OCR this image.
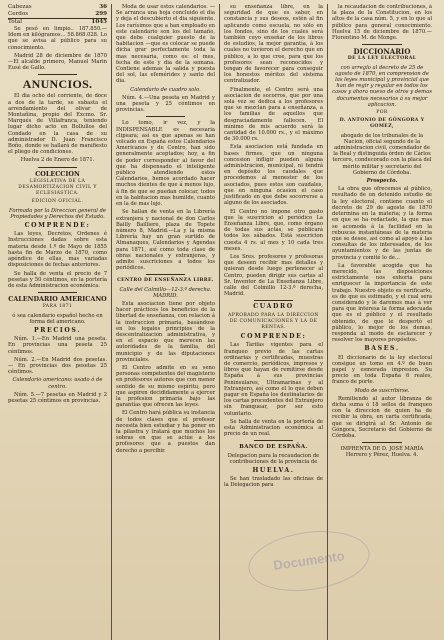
Cabezas	36
Cerdos	299
Total	1045

Se pesó en limpio.. 187.850.— Idem en kilógramos... 58.868.028. Lo que se avisa al público para su conocimiento.

Madrid 28 de diciembre de 1870 —El alcalde primero, Manuel Marin Eusé de Gallo.

ANUNCIOS.

El dia ocho del corriente, de doce a dos de la tarde, se subasta el arrendamiento del olivar de Montañina, propio del Excmo. Sr. Marqués de Villafranca, teniendo lugar dicho acto en Bollullos del Condado en la casa de su administrador D. Juan Francisco Boño, donde se hallará de manifiesto el pliego de condiciones.

Huelva 2 de Enero de 1871.

COLECCION
LEGISLATIVA DE LA DESAMORTIZACION CIVIL Y ECLESIÁSTICA.
EDICION OFICIAL.

Formada por la Direccion general de Propiedades y Derechos del Estado.

COMPRENDE:

Las leyes, Decretos, Ordenes é Instrucciones dadas sobre esta materia desde 1.º de Mayo de 1855 hasta fin de Marzo de 1870, como apéndice de ellas, mas variadas disposiciones de fechas anteriores.

Se halla de venta el precio de 7 pesetas y 50 céntimos, en la portería de esta Administracion económica.

CALENDARIO AMERICANO
PARA 1871

ó sea calendario español hecho en forma del americano.

PRECIOS.

Núm. 1.—En Madrid una peseta. En provincias una peseta 25 céntimos.

Núm. 2.—En Madrid dos pesetas.— En provincias dos pesetas 25 céntimos.

Calendario americano: usado ó de centro.

Núm. 5.—7 pesetas en Madrid y 2 pesetas 25 céntimos en provincias.

Moda de usar estos calendarios. — Se arranca una hoja concluido el dia y deja el descubierto el dia siguiente. Los rarísimos que a han empleado en este calendario son los del tamaño, que debe cualquier puesto de la habitacion —que es colocar se puede dicha grar perfectamente toda la mas necesaria, como es: el mes, fecha de este y dia de la semana. Contiene ademas la salida y puesta del sol, las efemérides y santo del dia.

Calendario de cuadro solo.

Núm. 4.—Una peseta en Madrid y una peseta y 25 céntimos en provincias.

Lo tomo, ir vez, y la INDISPENSABLE es necesaria clipsara; así es que apenas se han volcado en España estos Calendarios Americanos y de Centro, han sido generalmente aceptados; hoy, a fin de poder corresponder al favor del que ha dispensado el inteligente público atendiendo estos Calendarios, hemos acordado hacer muchos dientes de que á menos lujo, á fin de que se puedan colocar, todos en la habitacion mas humilde, cuanto en la de mas lujo.

Se hallan de venta en la Librería extranjera y nacional de don Carlos Bailly Bailliere, plaza de Topete número 8, Madrid.—La y la misma Librería hay un gran surtido de Almanaques, Calendarios y Agendas para 1871, así como toda clase de obras nacionales y extranjeras, y admite suscriciones a todos los periódicos.

CENTRO DE ENSEÑANZA LIBRE.

Calle del Colmillo—12-3.º derecha. MADRID.

Esta asociacion tiene por objeto hacer prácticos los beneficios de la libertad de enseñanza, con relacion á la instruccion primaria, basándose en los legales principios de la descentralizacion administrativa, y en el espacio que merecen las autoridades de la familia, del municipio y de las diputaciones provinciales.

El Centro admite en su seno personas competentes del magisterio en profesores autores que con menor sentido de su mismo espíritu, pero que aspiren decididamente a ejercer la profesion primaria bajo las garantías que ofrecen las leyes.

El Centro hará pública su instancia de todos clases que el profesor necesita bien estudiar y ha poner en la pilastra y tratará que muchos los sobras en que se actúe a los profesores que a puestos dan derecho a percibir.

su enseñanza libre, en la seguridad de que es saber, en constancia y sus deseos, estén al fin aplicando como escuela, no sólo en los fondos, sino de los cuales será también cuyo enseñar de los libros de estudios, la mejor garantía, á los cuales no tuvieron el derecho que en público, a lo que cree, para que los profesores sean reconocidos y tengan de favorecer para conseguir los honestos méritos del sistema centralizador.

Finalmente, el Centro será una asociacion de socorros, que por una sola vez se dedica a los profesores que se mezclan para a enseñanza, a los familias de aquellos que desgraciadamente fallecen. El mínimo de mis acuerdo será la cantidad de 10.000 rs., y el máximo de 30.000 rs.

Esta asociacion está fundada en bases firmes, que un ninguna concesion infligir pueden alguna administracion, municipal, ni tendrá en depósito los caudales que procedemos al menester de los asociados, pues estos son caudales, que en ninguna ocasion el caso justificado en que debe socorrerse a alguno de los asociados.

El Centro no impone otro gasto que la suscricion al periódico La Enseñanza Libre, que, como órgano de todas sus actas, se publicará todos los sábados. Está suscricion cuesta 4 rs. al mes y 10 cada tres meses.

Los Sres. profesores y profesoras que deseen recibir mas detalles y quieran desde luego pertenecer al Centro, pueden dirigir sus cartas al Sr. Inventor de La Enseñanza Libre, calle del Colmillo 12-3.º derecha, Madrid.

CUADRO
APROBADO PARA LA DIRECCION DE COMUNICACIONES Y LA DE RENTAS.
COMPRENDE:

Las Tarifas vigentes para el franqueo previo de las cartas ordinarias y certificadas, muestras de comercio, periódicos, impresos y libros que hayan de remitirse desde España á sus provincias Peninsulares, Ultramarinas y al Extranjero, así como el lo que deben pagar en España los destinatarios de los cartas procedentes del Extranjero sin franquear, por ser esto voluntario.

Se halla de venta en la portería de esta Administracion económica al precio de un real.

BANCO DE ESPAÑA.

Delegacion para la recaudacion de contribuciones de la provincia de

HUELVA.

Se han trasladado las oficinas de la Delegacion para

la recaudacion de contribuciones, á la plaza de la Constitucion, en los altos de la casa núm. 5, y en lo que al público para general conocimiento. Huelva 15 de diciembre de 1870.—Florentino M. de Monge.

DICCIONARIO
DE LA LEY ELECTORAL

con arreglo al decreto de 25 de agosto de 1870, en comprension de las leyes municipal y provincial que han de regir y regular en todos los casos y ahora nuevo de otros y demas documentos necesarios á su mejor aplicacion.

POR
D. ANTONIO DE GÓNGORA Y GOMEZ,

abogado de los tribunales de la Nacion, oficial segundo de la administracion civil, comendador de la Real y distinguida órden de Cárlos tercero, condecorado con la placa del mérito militar y secretario del Gobierno de Córdoba.

Prospecto.

La obra que ofrecemos al público, resultado de un detenido estudio de la ley electoral, contiene cuanto el decreto de 29 de agosto de 1870 determina en la materia; y la forma en que se ha redactado, la que mas se acomoda á la facilidad en la rebuscas instantáneas de la materia que se desee, así como al apoyo á las consultas de los interesados, de los ayuntamientos y de las juntas de provincia y comité lo de...

La favorable acogida que ha merecido, las disposiciones estrictamente nos exhorta para enriquecer la importancia de este trabajo. Nuestro objeto es verificarlo, es de que es estimado, y el cual sera considerado y le daremos mas á ver para que interesa la forma adecuada que es el público y el resultado obtenido, de que le despertó el público, lo mejor de los demas, responda al modo de esclarecer y resolver los mayores propósitos.

BASES.

El diccionario de la ley electoral consigue un tomo en 4.º de buen papel y esmerada impresion. Su precio en toda España 6 reales, franco de porte.

Modo de suscribirse.

Remitiendo al autor libranza de dicha suma ó 18 sellos de franqueo con la direccion de quien ha de recibir la obra, en carta certificada, que se dirigirá al Sr. Antonio de Góngora, Secretario del Gobierno de Córdoba.

IMPRENTA DE D. JOSÉ MARÍA Herrero y Pérez, Huelva. 4.

Documento
